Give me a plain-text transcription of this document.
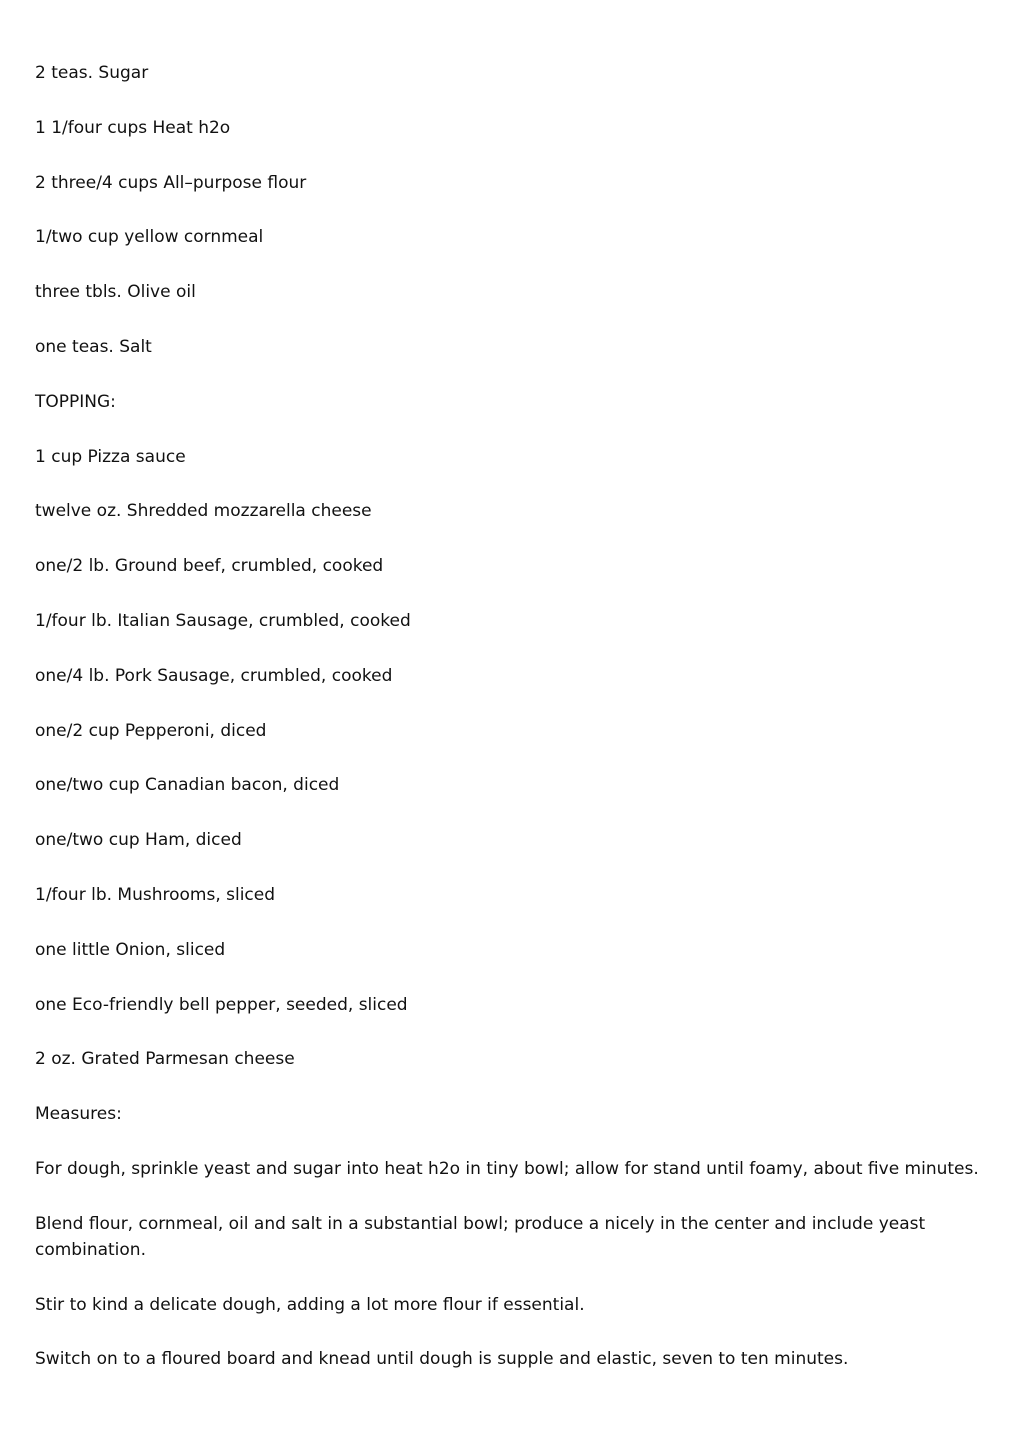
2 teas. Sugar

1 1/four cups Heat h2o

2 three/4 cups All–purpose flour

1/two cup yellow cornmeal

three tbls. Olive oil

one teas. Salt

TOPPING:

1 cup Pizza sauce

twelve oz. Shredded mozzarella cheese

one/2 lb. Ground beef, crumbled, cooked

1/four lb. Italian Sausage, crumbled, cooked

one/4 lb. Pork Sausage, crumbled, cooked

one/2 cup Pepperoni, diced

one/two cup Canadian bacon, diced

one/two cup Ham, diced

1/four lb. Mushrooms, sliced

one little Onion, sliced

one Eco-friendly bell pepper, seeded, sliced

2 oz. Grated Parmesan cheese

Measures:

For dough, sprinkle yeast and sugar into heat h2o in tiny bowl; allow for stand until foamy, about five minutes.

Blend flour, cornmeal, oil and salt in a substantial bowl; produce a nicely in the center and include yeast combination.

Stir to kind a delicate dough, adding a lot more flour if essential.

Switch on to a floured board and knead until dough is supple and elastic, seven to ten minutes.
